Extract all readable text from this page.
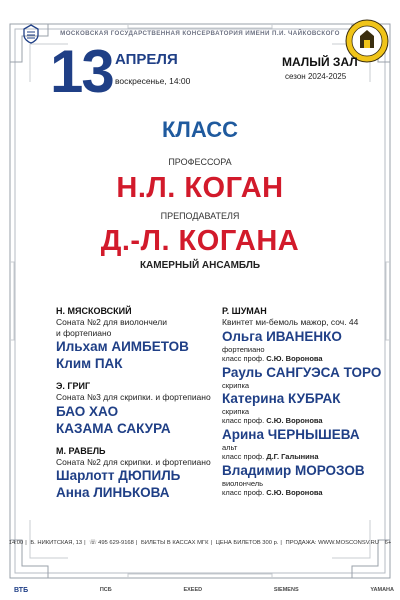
МОСКОВСКАЯ ГОСУДАРСТВЕННАЯ КОНСЕРВАТОРИЯ ИМЕНИ П.И. ЧАЙКОВСКОГО
13 АПРЕЛЯ
воскресенье, 14:00
МАЛЫЙ ЗАЛ
сезон 2024-2025
КЛАСС
ПРОФЕССОРА
Н.Л. КОГАН
ПРЕПОДАВАТЕЛЯ
Д.-Л. КОГАНА
КАМЕРНЫЙ АНСАМБЛЬ
Н. МЯСКОВСКИЙ
Соната №2 для виолончели
и фортепиано
Ильхам АИМБЕТОВ
Клим ПАК
Э. ГРИГ
Соната №3 для скрипки. и фортепиано
БАО ХАО
КАЗАМА САКУРА
М. РАВЕЛЬ
Соната №2 для скрипки. и фортепиано
Шарлотт ДЮПИЛЬ
Анна ЛИНЬКОВА
Р. ШУМАН
Квинтет ми-бемоль мажор, соч. 44
Ольга ИВАНЕНКО
фортепиано
класс проф. С.Ю. Воронова
Рауль САНГУЭСА ТОРО
скрипка
Катерина КУБРАК
скрипка
класс проф. С.Ю. Воронова
Арина ЧЕРНЫШЕВА
альт
класс проф. Д.Г. Галынина
Владимир МОРОЗОВ
виолончель
класс проф. С.Ю. Воронова
14:00 | Б. НИКИТСКАЯ, 13 | ☏ 495 629-9168 | БИЛЕТЫ В КАССАХ МГК | ЦЕНА БИЛЕТОВ 300 р. | ПРОДАЖА: WWW.MOSCONSV.RU 6+
ВТБ	ПСБ	EXEED	SIEMENS	YAMAHA
